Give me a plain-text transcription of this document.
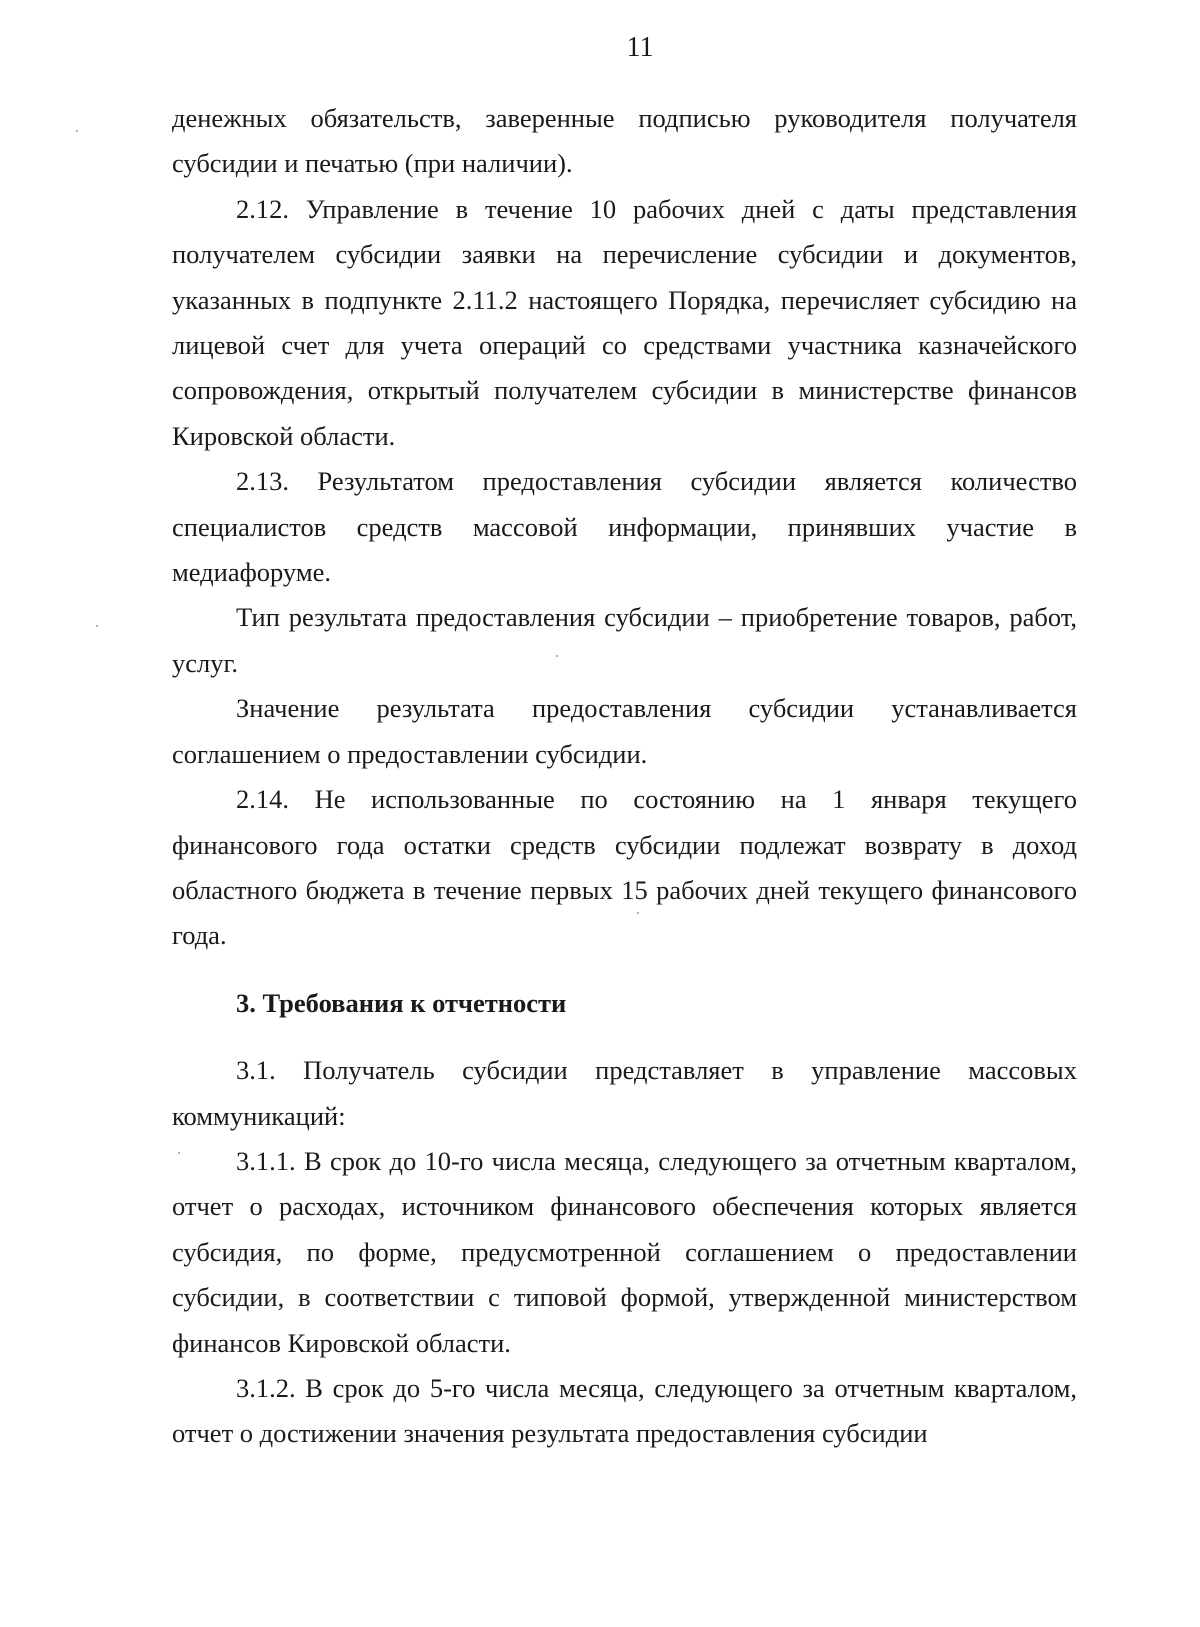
11

денежных обязательств, заверенные подписью руководителя получателя субсидии и печатью (при наличии).

2.12. Управление в течение 10 рабочих дней с даты представления получателем субсидии заявки на перечисление субсидии и документов, указанных в подпункте 2.11.2 настоящего Порядка, перечисляет субсидию на лицевой счет для учета операций со средствами участника казначейского сопровождения, открытый получателем субсидии в министерстве финансов Кировской области.

2.13. Результатом предоставления субсидии является количество специалистов средств массовой информации, принявших участие в медиафоруме.

Тип результата предоставления субсидии – приобретение товаров, работ, услуг.

Значение результата предоставления субсидии устанавливается соглашением о предоставлении субсидии.

2.14. Не использованные по состоянию на 1 января текущего финансового года остатки средств субсидии подлежат возврату в доход областного бюджета в течение первых 15 рабочих дней текущего финансового года.

3. Требования к отчетности

3.1. Получатель субсидии представляет в управление массовых коммуникаций:

3.1.1. В срок до 10-го числа месяца, следующего за отчетным кварталом, отчет о расходах, источником финансового обеспечения которых является субсидия, по форме, предусмотренной соглашением о предоставлении субсидии, в соответствии с типовой формой, утвержденной министерством финансов Кировской области.

3.1.2. В срок до 5-го числа месяца, следующего за отчетным кварталом, отчет о достижении значения результата предоставления субсидии
